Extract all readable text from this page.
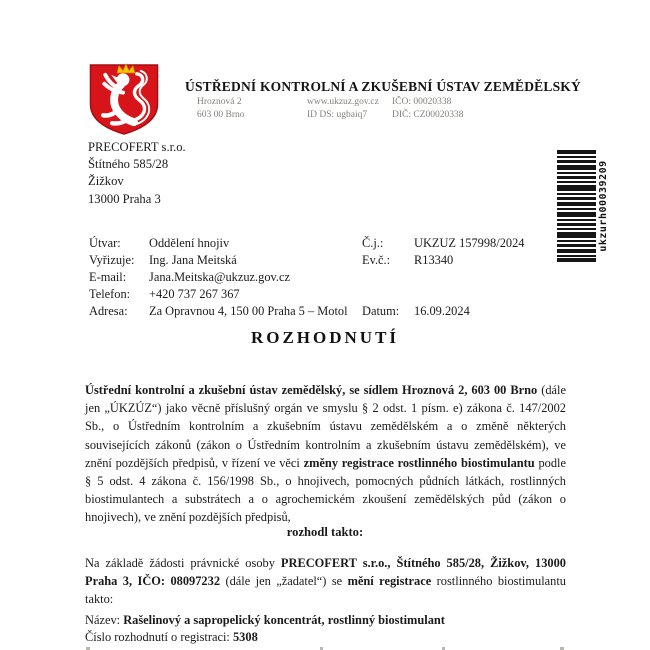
ÚSTŘEDNÍ KONTROLNÍ A ZKUŠEBNÍ ÚSTAV ZEMĚDĚLSKÝ
Hroznová 2
603 00 Brno
www.ukzuz.gov.cz
ID DS: ugbaiq7
IČO: 00020338
DIČ: CZ00020338
PRECOFERT s.r.o.
Štítného 585/28
Žižkov
13000 Praha 3	ukzurh00039209
Útvar: Oddělení hnojiv	Č.j.: UKZUZ 157998/2024
Vyřizuje: Ing. Jana Meitská	Ev.č.: R13340
E-mail: Jana.Meitska@ukzuz.gov.cz
Telefon: +420 737 267 367
Adresa: Za Opravnou 4, 150 00 Praha 5 – Motol Datum: 16.09.2024
ROZHODNUTÍ
Ústřední kontrolní a zkušební ústav zemědělský, se sídlem Hroznová 2, 603 00 Brno (dále jen „ÚKZÚZ“) jako věcně příslušný orgán ve smyslu § 2 odst. 1 písm. e) zákona č. 147/2002 Sb., o Ústředním kontrolním a zkušebním ústavu zemědělském a o změně některých souvisejících zákonů (zákon o Ústředním kontrolním a zkušebním ústavu zemědělském), ve znění pozdějších předpisů, v řízení ve věci změny registrace rostlinného biostimulantu podle § 5 odst. 4 zákona č. 156/1998 Sb., o hnojivech, pomocných půdních látkách, rostlinných biostimulantech a substrátech a o agrochemickém zkoušení zemědělských půd (zákon o hnojivech), ve znění pozdějších předpisů,
rozhodl takto:
Na základě žádosti právnické osoby PRECOFERT s.r.o., Štítného 585/28, Žižkov, 13000 Praha 3, IČO: 08097232 (dále jen „žadatel“) se mění registrace rostlinného biostimulantu takto:
Název: Rašelinový a sapropelický koncentrát, rostlinný biostimulant
Číslo rozhodnutí o registraci: 5308
